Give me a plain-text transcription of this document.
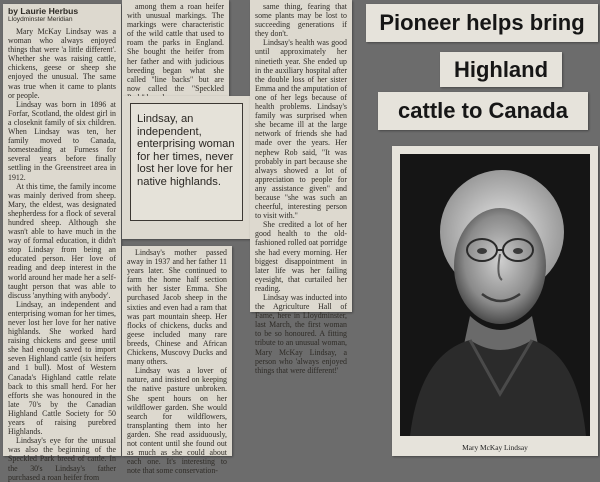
by Laurie Herbus
Lloydminster Meridian

Mary McKay Lindsay was a woman who always enjoyed things that were 'a little different'. Whether she was raising cattle, chickens, geese or sheep she enjoyed the unusual. The same was true when it came to plants or people.

Lindsay was born in 1896 at Forfar, Scotland, the oldest girl in a closeknit family of six children. When Lindsay was ten, her family moved to Canada, homesteading at Furness for several years before finally settling in the Greenstreet area in 1912.

At this time, the family income was mainly derived from sheep. Mary, the eldest, was designated shepherdess for a flock of several hundred sheep. Although she wasn't able to have much in the way of formal education, it didn't stop Lindsay from being an educated person. Her love of reading and deep interest in the world around her made her a self-taught person that was able to discuss 'anything with anybody'.

Lindsay, an independent and enterprising woman for her times, never lost her love for her native highlands. She worked hard raising chickens and geese until she had enough saved to import seven Highland cattle (six heifers and 1 bull). Most of Western Canada's Highland cattle relate back to this small herd. For her efforts she was honoured in the late 70's by the Canadian Highland Cattle Society for 50 years of raising purebred Highlands.

Lindsay's eye for the unusual was also the beginning of the Speckled Park breed of cattle. In the 30's Lindsay's father purchased a roan heifer from

among them a roan heifer with unusual markings. The markings were characteristic of the wild cattle that used to roam the parks in England. She bought the heifer from her father and with judicious breeding began what she called "line backs" but are now called the "Speckled

Lindsay, an independent, enterprising woman for her times, never lost her love for her native highlands.

Lindsay's mother passed away in 1937 and her father 11 years later. She continued to farm the home half section with her sister Emma. She purchased Jacob sheep in the sixties and even had a ram that was part mountain sheep. Her flocks of chickens, ducks and geese included many rare breeds, Chinese and African Chickens, Muscovy Ducks and many others.

Lindsay was a lover of nature, and insisted on keeping the native pasture unbroken. She spent hours on her wildflower garden. She would search for wildflowers, transplanting them into her garden. She read assiduously, not content until she found out as much as she could about each one. It's interesting to note that some conservation-

same thing, fearing that some plants may be lost to succeeding generations if they don't.

Lindsay's health was good until approximately her ninetieth year. She ended up in the auxiliary hospital after the double loss of her sister Emma and the amputation of one of her legs because of health problems. Lindsay's family was surprised when she became ill at the large network of friends she had made over the years. Her nephew Rob said, "It was probably in part because she always showed a lot of appreciation to people for any assistance given" and because "she was such an cheerful, interesting person to visit with."

She credited a lot of her good health to the old-fashioned rolled oat porridge she had every morning. Her biggest disappointment in later life was her failing eyesight, that curtailed her reading.

Lindsay was inducted into the Agriculture Hall of Fame, here in Lloydminster, last March, the first woman to be so honoured. A fitting tribute to an unusual woman, Mary McKay Lindsay, a person who 'always enjoyed things that were different!'

Pioneer helps bring
Highland
cattle to Canada
Mary McKay Lindsay
